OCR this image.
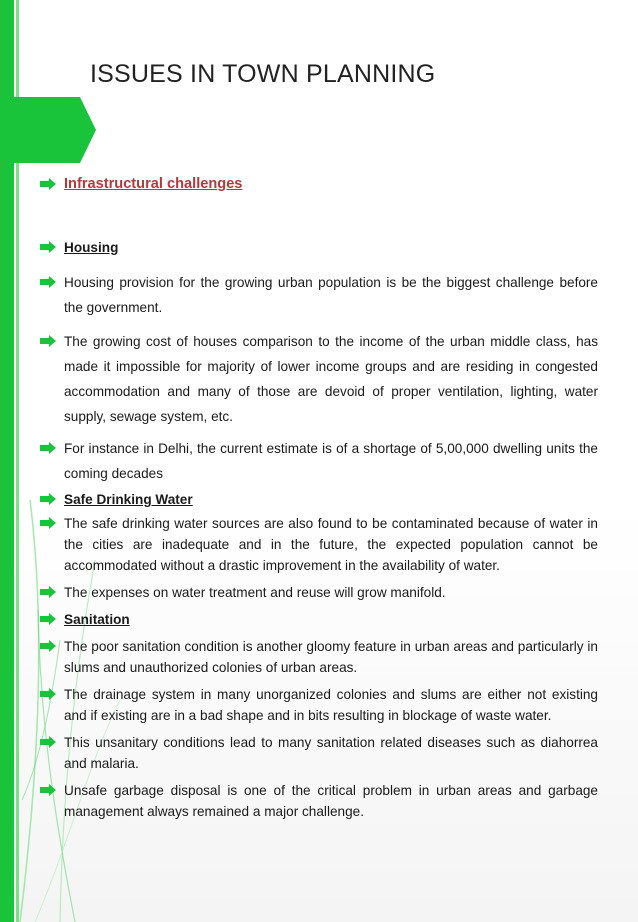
ISSUES IN TOWN PLANNING
Infrastructural challenges
Housing
Housing provision for the growing urban population is be the biggest challenge before the government.
The growing cost of houses comparison to the income of the urban middle class, has made it impossible for majority of lower income groups and are residing in congested accommodation and many of those are devoid of proper ventilation, lighting, water supply, sewage system, etc.
For instance in Delhi, the current estimate is of a shortage of 5,00,000 dwelling units the coming decades
Safe Drinking Water
The safe drinking water sources are also found to be contaminated because of water in the cities are inadequate and in the future, the expected population cannot be accommodated without a drastic improvement in the availability of water.
The expenses on water treatment and reuse will grow manifold.
Sanitation
The poor sanitation condition is another gloomy feature in urban areas and particularly in slums and unauthorized colonies of urban areas.
The drainage system in many unorganized colonies and slums are either not existing and if existing are in a bad shape and in bits resulting in blockage of waste water.
This unsanitary conditions lead to many sanitation related diseases such as diahorrea and malaria.
Unsafe garbage disposal is one of the critical problem in urban areas and garbage management always remained a major challenge.
